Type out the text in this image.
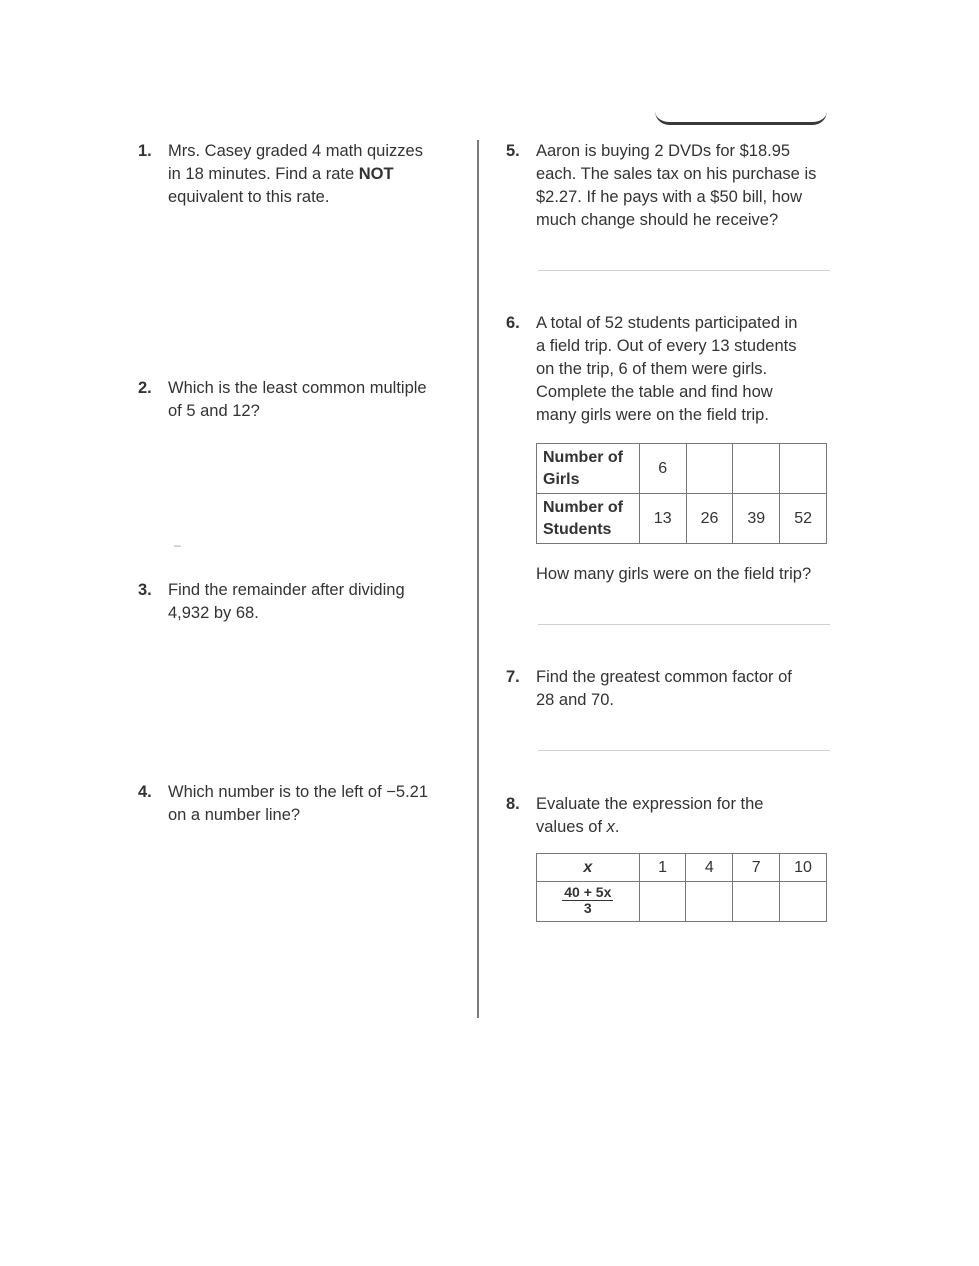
1. Mrs. Casey graded 4 math quizzes
in 18 minutes. Find a rate NOT
equivalent to this rate.
2. Which is the least common multiple
of 5 and 12?
–
3. Find the remainder after dividing
4,932 by 68.
4. Which number is to the left of −5.21
on a number line?
5. Aaron is buying 2 DVDs for $18.95
each. The sales tax on his purchase is
$2.27. If he pays with a $50 bill, how
much change should he receive?
6. A total of 52 students participated in
a field trip. Out of every 13 students
on the trip, 6 of them were girls.
Complete the table and find how
many girls were on the field trip.
Number of Girls	6			
Number of Students	13	26	39	52
How many girls were on the field trip?
7. Find the greatest common factor of
28 and 70.
8. Evaluate the expression for the
values of x.
x	1	4	7	10

$\frac{40 + 5x}{3}$
